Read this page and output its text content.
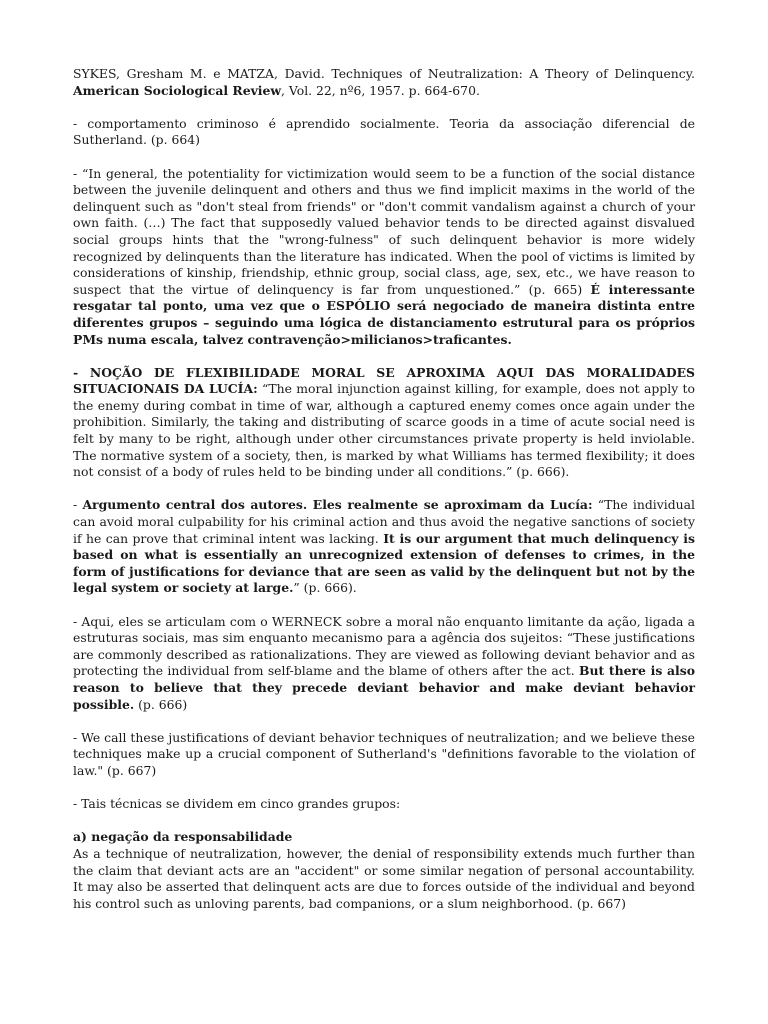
SYKES, Gresham M. e MATZA, David. Techniques of Neutralization: A Theory of Delinquency. American Sociological Review, Vol. 22, nº6, 1957. p. 664-670.

- comportamento criminoso é aprendido socialmente. Teoria da associação diferencial de Sutherland. (p. 664)

- “In general, the potentiality for victimization would seem to be a function of the social distance between the juvenile delinquent and others and thus we find implicit maxims in the world of the delinquent such as "don't steal from friends" or "don't commit vandalism against a church of your own faith. (…) The fact that supposedly valued behavior tends to be directed against disvalued social groups hints that the "wrong-fulness" of such delinquent behavior is more widely recognized by delinquents than the literature has indicated. When the pool of victims is limited by considerations of kinship, friendship, ethnic group, social class, age, sex, etc., we have reason to suspect that the virtue of delinquency is far from unquestioned.” (p. 665) É interessante resgatar tal ponto, uma vez que o ESPÓLIO será negociado de maneira distinta entre diferentes grupos – seguindo uma lógica de distanciamento estrutural para os próprios PMs numa escala, talvez contravenção>milicianos>traficantes.

- NOÇÃO DE FLEXIBILIDADE MORAL SE APROXIMA AQUI DAS MORALIDADES SITUACIONAIS DA LUCÍA: “The moral injunction against killing, for example, does not apply to the enemy during combat in time of war, although a captured enemy comes once again under the prohibition. Similarly, the taking and distributing of scarce goods in a time of acute social need is felt by many to be right, although under other circumstances private property is held inviolable. The normative system of a society, then, is marked by what Williams has termed flexibility; it does not consist of a body of rules held to be binding under all conditions.” (p. 666).

- Argumento central dos autores. Eles realmente se aproximam da Lucía: “The individual can avoid moral culpability for his criminal action and thus avoid the negative sanctions of society if he can prove that criminal intent was lacking. It is our argument that much delinquency is based on what is essentially an unrecognized extension of defenses to crimes, in the form of justifications for deviance that are seen as valid by the delinquent but not by the legal system or society at large.” (p. 666).

- Aqui, eles se articulam com o WERNECK sobre a moral não enquanto limitante da ação, ligada a estruturas sociais, mas sim enquanto mecanismo para a agência dos sujeitos: “These justifications are commonly described as rationalizations. They are viewed as following deviant behavior and as protecting the individual from self-blame and the blame of others after the act. But there is also reason to believe that they precede deviant behavior and make deviant behavior possible. (p. 666)

- We call these justifications of deviant behavior techniques of neutralization; and we believe these techniques make up a crucial component of Sutherland's "definitions favorable to the violation of law." (p. 667)

- Tais técnicas se dividem em cinco grandes grupos:

a) negação da responsabilidade

As a technique of neutralization, however, the denial of responsibility extends much further than the claim that deviant acts are an "accident" or some similar negation of personal accountability. It may also be asserted that delinquent acts are due to forces outside of the individual and beyond his control such as unloving parents, bad companions, or a slum neighborhood. (p. 667)
